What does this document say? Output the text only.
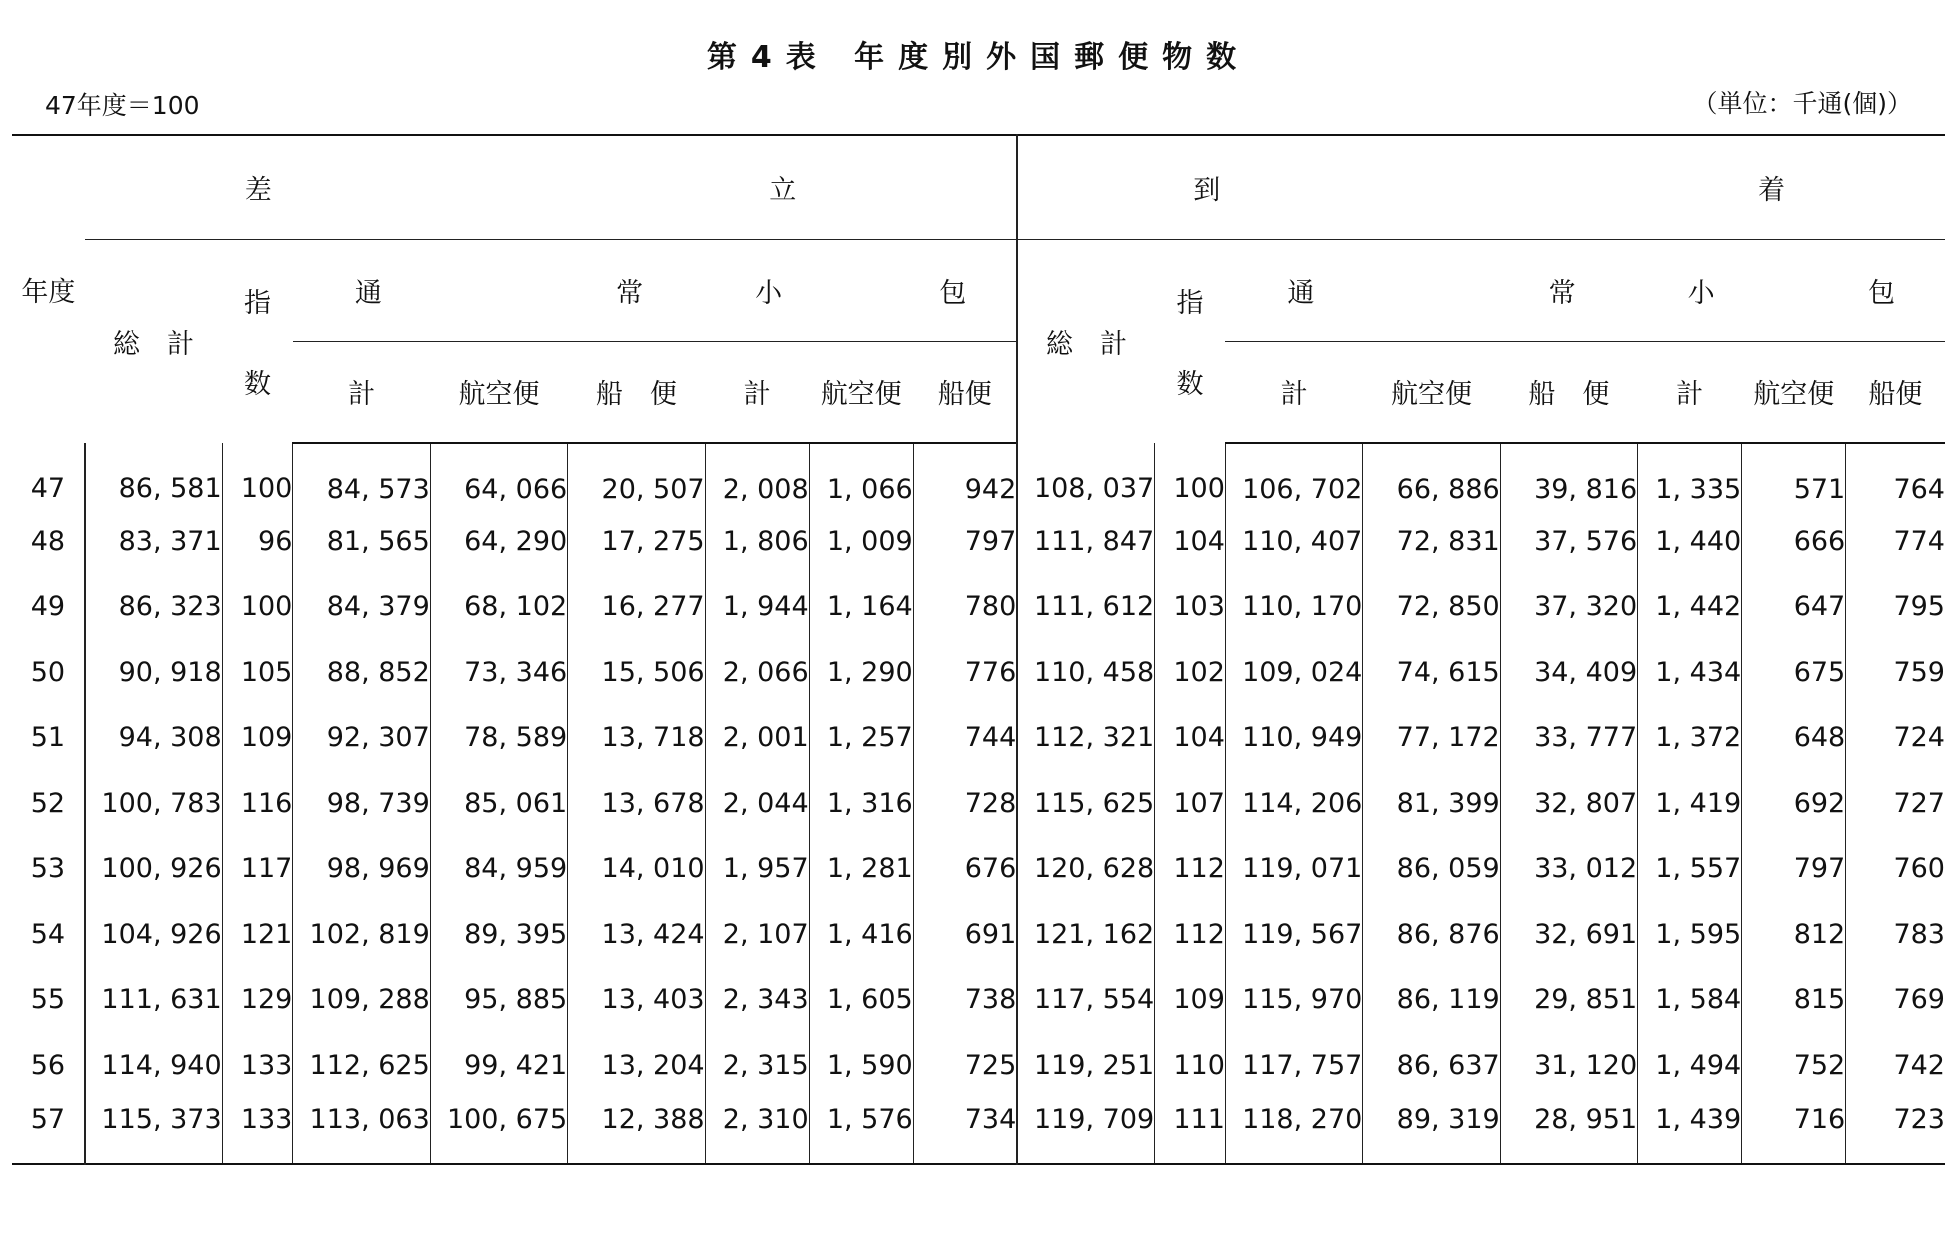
第4表 年度別外国郵便物数
47年度＝100	（単位：千通(個)）
年度	差 立								到 着							

	総　計	指
数	通 常			小 包			総　計	指
数	通 常			小 包		

			計	航空便	船　便	計	航空便	船便			計	航空便	船　便	計	航空便	船便
47	86, 581	100	84, 573	64, 066	20, 507	2, 008	1, 066	942	108, 037	100	106, 702	66, 886	39, 816	1, 335	571	764
48	83, 371	96	81, 565	64, 290	17, 275	1, 806	1, 009	797	111, 847	104	110, 407	72, 831	37, 576	1, 440	666	774
49	86, 323	100	84, 379	68, 102	16, 277	1, 944	1, 164	780	111, 612	103	110, 170	72, 850	37, 320	1, 442	647	795
50	90, 918	105	88, 852	73, 346	15, 506	2, 066	1, 290	776	110, 458	102	109, 024	74, 615	34, 409	1, 434	675	759
51	94, 308	109	92, 307	78, 589	13, 718	2, 001	1, 257	744	112, 321	104	110, 949	77, 172	33, 777	1, 372	648	724
52	100, 783	116	98, 739	85, 061	13, 678	2, 044	1, 316	728	115, 625	107	114, 206	81, 399	32, 807	1, 419	692	727
53	100, 926	117	98, 969	84, 959	14, 010	1, 957	1, 281	676	120, 628	112	119, 071	86, 059	33, 012	1, 557	797	760
54	104, 926	121	102, 819	89, 395	13, 424	2, 107	1, 416	691	121, 162	112	119, 567	86, 876	32, 691	1, 595	812	783
55	111, 631	129	109, 288	95, 885	13, 403	2, 343	1, 605	738	117, 554	109	115, 970	86, 119	29, 851	1, 584	815	769
56	114, 940	133	112, 625	99, 421	13, 204	2, 315	1, 590	725	119, 251	110	117, 757	86, 637	31, 120	1, 494	752	742
57	115, 373	133	113, 063	100, 675	12, 388	2, 310	1, 576	734	119, 709	111	118, 270	89, 319	28, 951	1, 439	716	723
